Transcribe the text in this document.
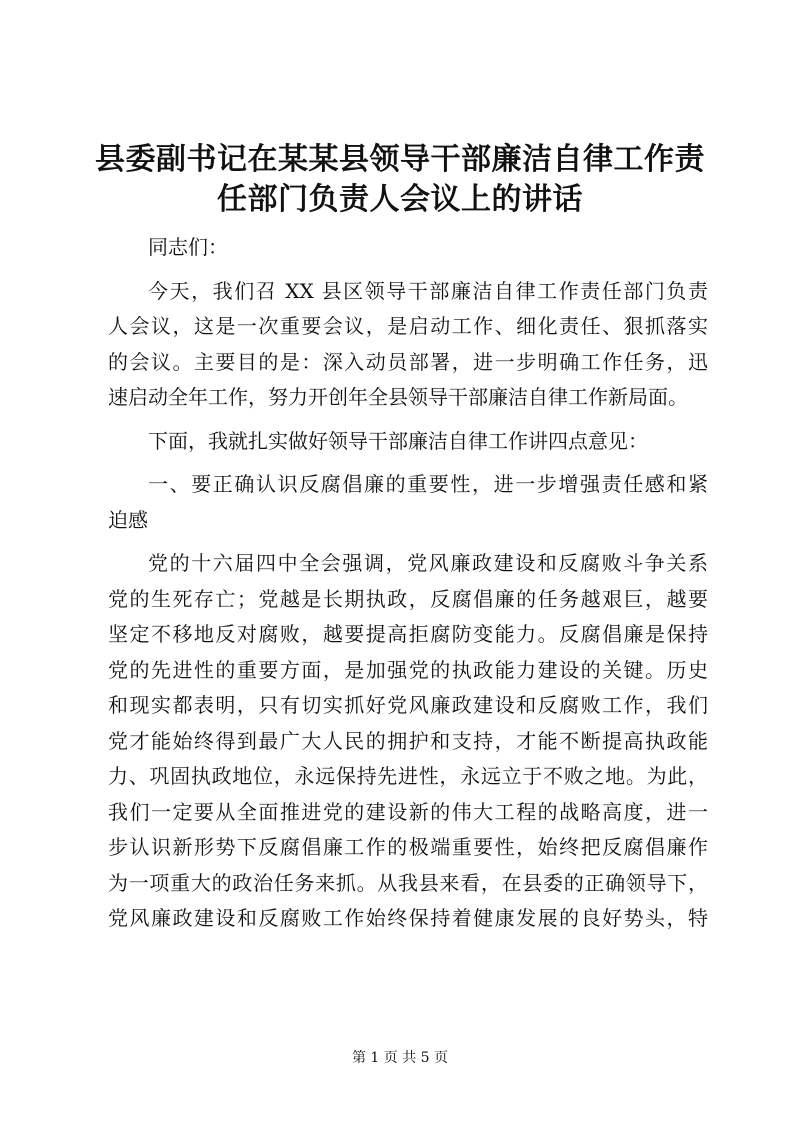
县委副书记在某某县领导干部廉洁自律工作责
任部门负责人会议上的讲话
同志们：
今天，我们召 XX 县区领导干部廉洁自律工作责任部门负责
人会议，这是一次重要会议，是启动工作、细化责任、狠抓落实
的会议。主要目的是：深入动员部署，进一步明确工作任务，迅
速启动全年工作，努力开创年全县领导干部廉洁自律工作新局面。
下面，我就扎实做好领导干部廉洁自律工作讲四点意见：
一、要正确认识反腐倡廉的重要性，进一步增强责任感和紧
迫感
党的十六届四中全会强调，党风廉政建设和反腐败斗争关系
党的生死存亡；党越是长期执政，反腐倡廉的任务越艰巨，越要
坚定不移地反对腐败，越要提高拒腐防变能力。反腐倡廉是保持
党的先进性的重要方面，是加强党的执政能力建设的关键。历史
和现实都表明，只有切实抓好党风廉政建设和反腐败工作，我们
党才能始终得到最广大人民的拥护和支持，才能不断提高执政能
力、巩固执政地位，永远保持先进性，永远立于不败之地。为此，
我们一定要从全面推进党的建设新的伟大工程的战略高度，进一
步认识新形势下反腐倡廉工作的极端重要性，始终把反腐倡廉作
为一项重大的政治任务来抓。从我县来看，在县委的正确领导下，
党风廉政建设和反腐败工作始终保持着健康发展的良好势头，特
第 1 页 共 5 页
